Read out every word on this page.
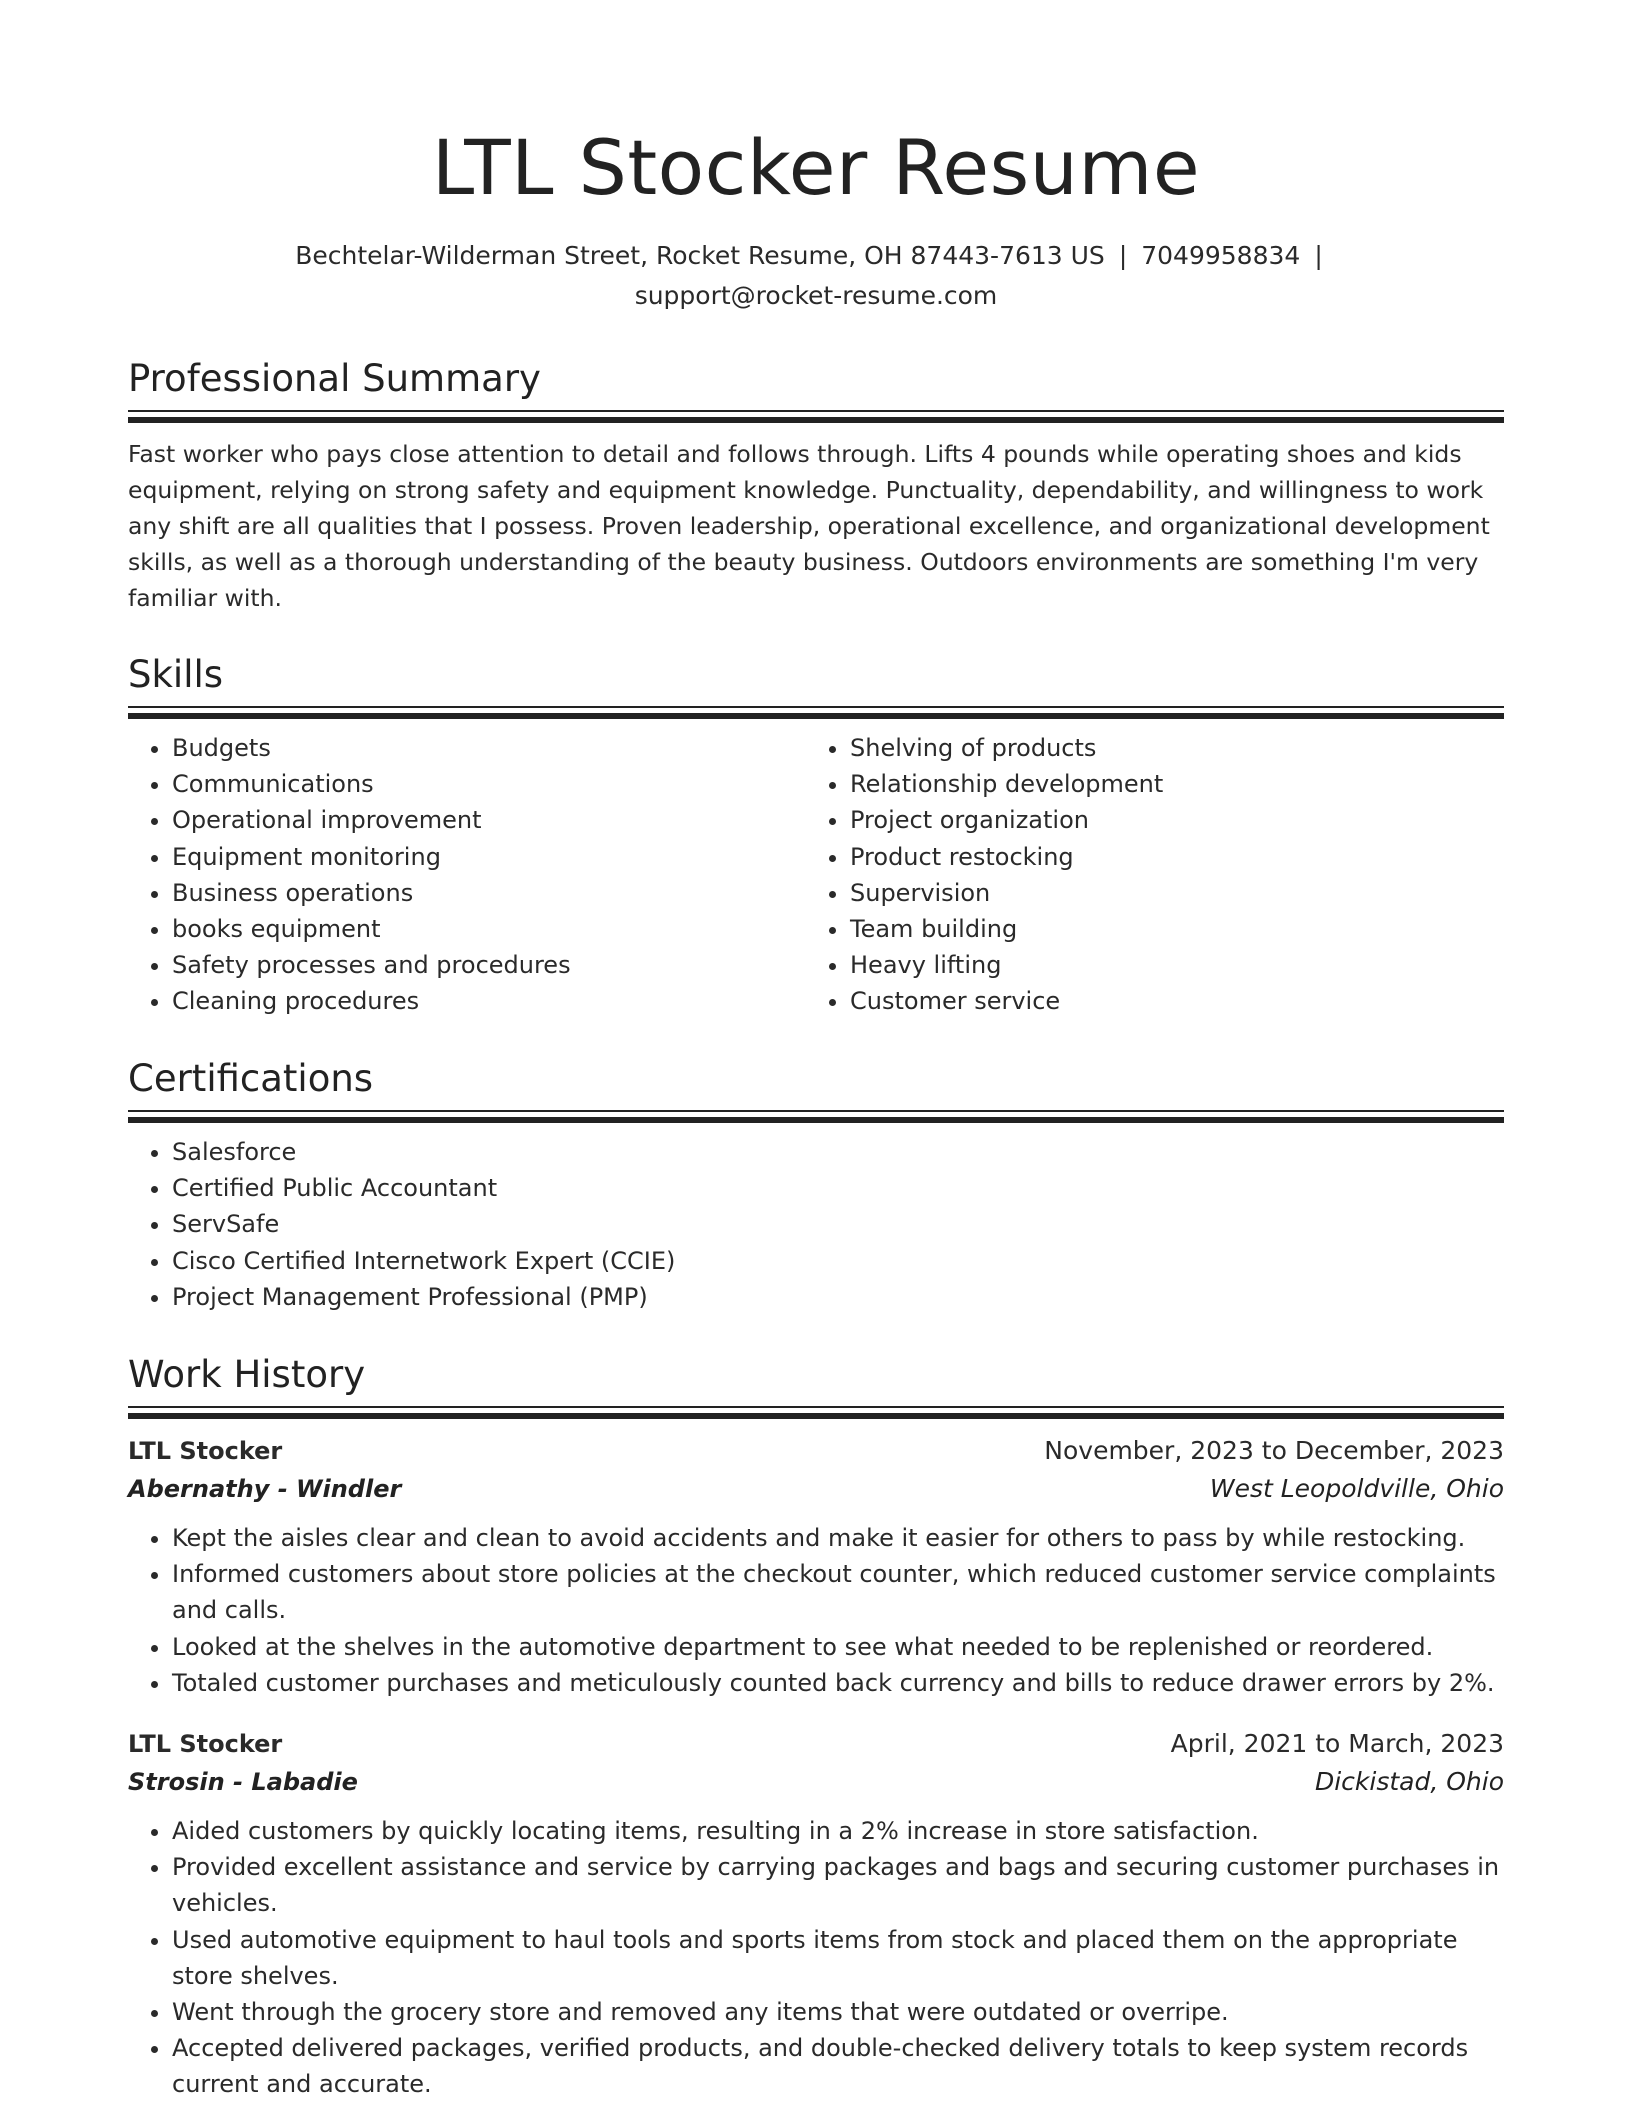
LTL Stocker Resume
Bechtelar-Wilderman Street, Rocket Resume, OH 87443-7613 US | 7049958834 |
support@rocket-resume.com
Professional Summary

Fast worker who pays close attention to detail and follows through. Lifts 4 pounds while operating shoes and kids equipment, relying on strong safety and equipment knowledge. Punctuality, dependability, and willingness to work any shift are all qualities that I possess. Proven leadership, operational excellence, and organizational development skills, as well as a thorough understanding of the beauty business. Outdoors environments are something I'm very familiar with.

Skills
• Budgets
• Communications
• Operational improvement
• Equipment monitoring
• Business operations
• books equipment
• Safety processes and procedures
• Cleaning procedures
• Shelving of products
• Relationship development
• Project organization
• Product restocking
• Supervision
• Team building
• Heavy lifting
• Customer service
Certifications
• Salesforce
• Certified Public Accountant
• ServSafe
• Cisco Certified Internetwork Expert (CCIE)
• Project Management Professional (PMP)
Work History
LTL Stocker	November, 2023 to December, 2023
Abernathy - Windler	West Leopoldville, Ohio
• Kept the aisles clear and clean to avoid accidents and make it easier for others to pass by while restocking.
• Informed customers about store policies at the checkout counter, which reduced customer service complaints and calls.
• Looked at the shelves in the automotive department to see what needed to be replenished or reordered.
• Totaled customer purchases and meticulously counted back currency and bills to reduce drawer errors by 2%.
LTL Stocker	April, 2021 to March, 2023
Strosin - Labadie	Dickistad, Ohio
• Aided customers by quickly locating items, resulting in a 2% increase in store satisfaction.
• Provided excellent assistance and service by carrying packages and bags and securing customer purchases in vehicles.
• Used automotive equipment to haul tools and sports items from stock and placed them on the appropriate store shelves.
• Went through the grocery store and removed any items that were outdated or overripe.
• Accepted delivered packages, verified products, and double-checked delivery totals to keep system records current and accurate.
